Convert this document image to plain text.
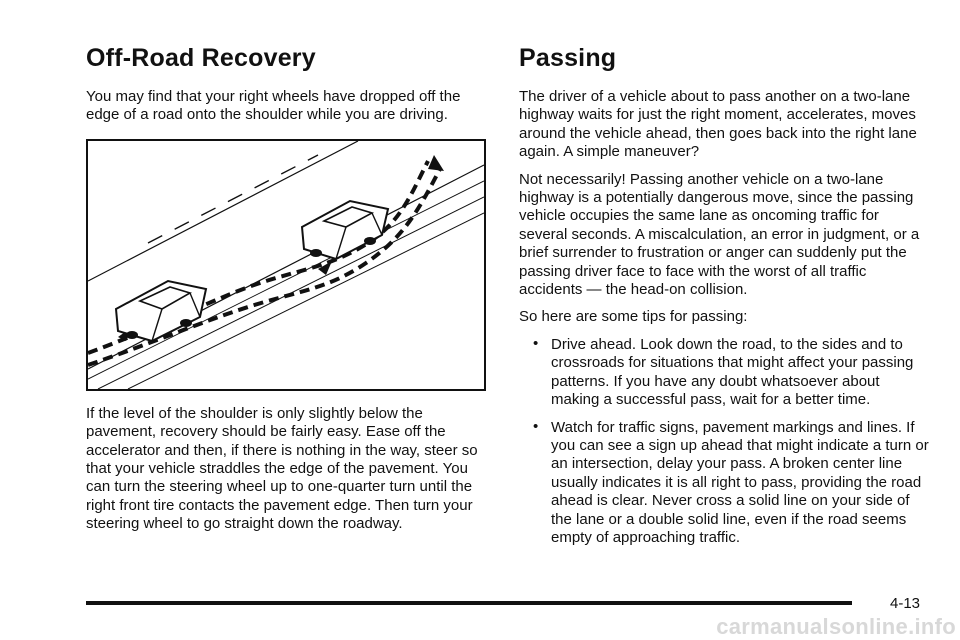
Off-Road Recovery

You may find that your right wheels have dropped off the edge of a road onto the shoulder while you are driving.

If the level of the shoulder is only slightly below the pavement, recovery should be fairly easy. Ease off the accelerator and then, if there is nothing in the way, steer so that your vehicle straddles the edge of the pavement. You can turn the steering wheel up to one-quarter turn until the right front tire contacts the pavement edge. Then turn your steering wheel to go straight down the roadway.

Passing

The driver of a vehicle about to pass another on a two-lane highway waits for just the right moment, accelerates, moves around the vehicle ahead, then goes back into the right lane again. A simple maneuver?

Not necessarily! Passing another vehicle on a two-lane highway is a potentially dangerous move, since the passing vehicle occupies the same lane as oncoming traffic for several seconds. A miscalculation, an error in judgment, or a brief surrender to frustration or anger can suddenly put the passing driver face to face with the worst of all traffic accidents — the head-on collision.

So here are some tips for passing:

• Drive ahead. Look down the road, to the sides and to crossroads for situations that might affect your passing patterns. If you have any doubt whatsoever about making a successful pass, wait for a better time.
• Watch for traffic signs, pavement markings and lines. If you can see a sign up ahead that might indicate a turn or an intersection, delay your pass. A broken center line usually indicates it is all right to pass, providing the road ahead is clear. Never cross a solid line on your side of the lane or a double solid line, even if the road seems empty of approaching traffic.
4-13
carmanualsonline.info
